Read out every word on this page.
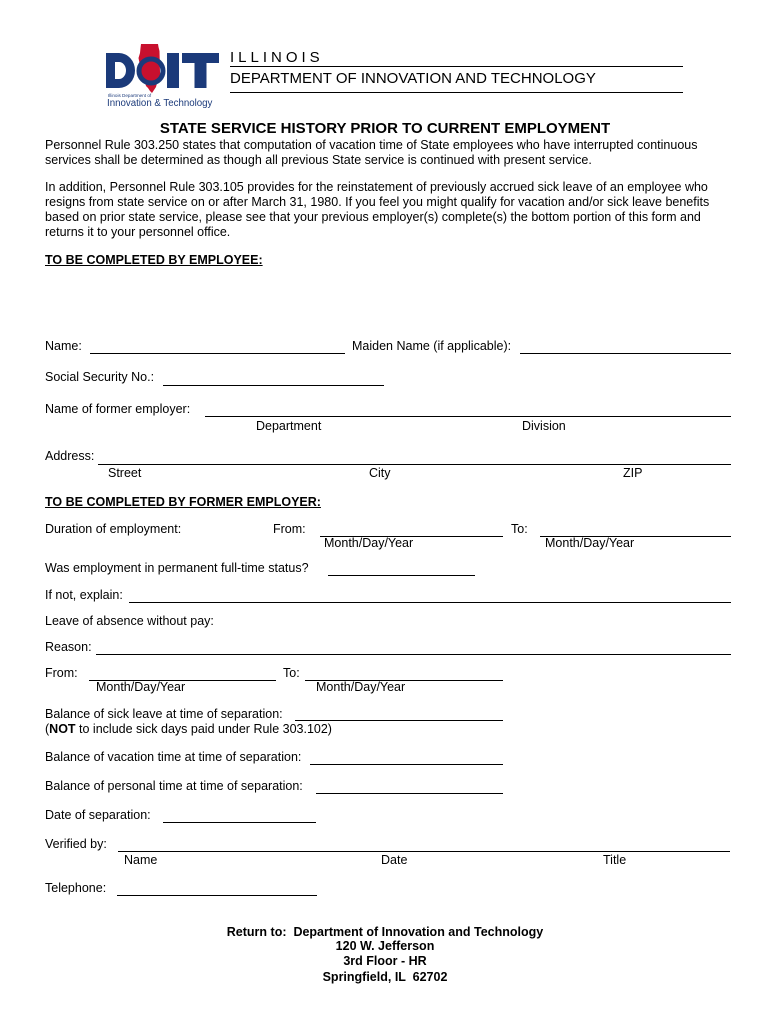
Illinois Department of
Innovation & Technology
ILLINOIS
DEPARTMENT OF INNOVATION AND TECHNOLOGY
STATE SERVICE HISTORY PRIOR TO CURRENT EMPLOYMENT
Personnel Rule 303.250 states that computation of vacation time of State employees who have interrupted continuous
services shall be determined as though all previous State service is continued with present service.
In addition, Personnel Rule 303.105 provides for the reinstatement of previously accrued sick leave of an employee who
resigns from state service on or after March 31, 1980. If you feel you might qualify for vacation and/or sick leave benefits
based on prior state service, please see that your previous employer(s) complete(s) the bottom portion of this form and
returns it to your personnel office.
TO BE COMPLETED BY EMPLOYEE:
Name:	Maiden Name (if applicable):
Social Security No.:
Name of former employer:
Department	Division
Address:
Street	City	ZIP
TO BE COMPLETED BY FORMER EMPLOYER:
Duration of employment:	From:	To:
Month/Day/Year	Month/Day/Year
Was employment in permanent full-time status?
If not, explain:
Leave of absence without pay:
Reason:
From:	To:
Month/Day/Year	Month/Day/Year
Balance of sick leave at time of separation:
(NOT to include sick days paid under Rule 303.102)
Balance of vacation time at time of separation:
Balance of personal time at time of separation:
Date of separation:
Verified by:
Name	Date	Title
Telephone:
Return to:  Department of Innovation and Technology
120 W. Jefferson
3rd Floor - HR
Springfield, IL  62702
